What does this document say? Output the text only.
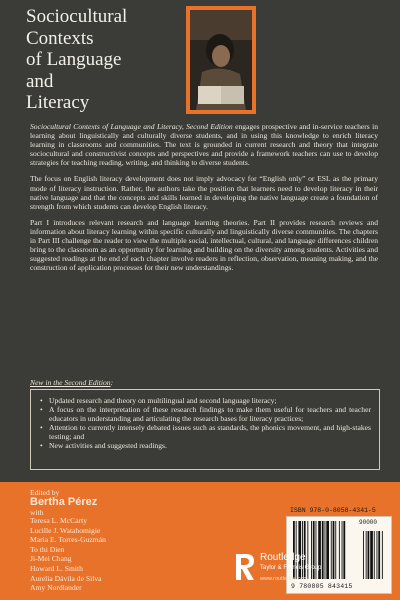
Sociocultural
Contexts
of Language
and
Literacy

Sociocultural Contexts of Language and Literacy, Second Edition engages prospective and in-service teachers in learning about linguistically and culturally diverse students, and in using this knowledge to enrich literacy learning in classrooms and communities. The text is grounded in current research and theory that integrate sociocultural and constructivist concepts and perspectives and provide a framework teachers can use to develop strategies for teaching reading, writing, and thinking to diverse students.

The focus on English literacy development does not imply advocacy for “English only” or ESL as the primary mode of literacy instruction. Rather, the authors take the position that learners need to develop literacy in their native language and that the concepts and skills learned in developing the native language create a foundation of strength from which students can develop English literacy.

Part I introduces relevant research and language learning theories. Part II provides research reviews and information about literacy learning within specific culturally and linguistically diverse communities. The chapters in Part III challenge the reader to view the multiple social, intellectual, cultural, and language differences children bring to the classroom as an opportunity for learning and building on the diversity among students. Activities and suggested readings at the end of each chapter involve readers in reflection, observation, meaning making, and the construction of application processes for their new understandings.

New in the Second Edition:
• Updated research and theory on multilingual and second language literacy;
• A focus on the interpretation of these research findings to make them useful for teachers and teacher educators in understanding and articulating the research bases for literacy practices;
• Attention to currently intensely debated issues such as standards, the phonics movement, and high-stakes testing; and
• New activities and suggested readings.
Edited by
Bertha Pérez
with
Teresa L. McCarty
Lucille J. Watahomigie
Maria E. Torres-Guzmán
To thi Dien
Ji-Mei Chang
Howard L. Smith
Aurelia Dávila de Silva
Amy Nordlander
ISBN 978-0-8058-4341-5
90000
9 780805 843415
Routledge
Taylor & Francis Group
www.routledge.com
